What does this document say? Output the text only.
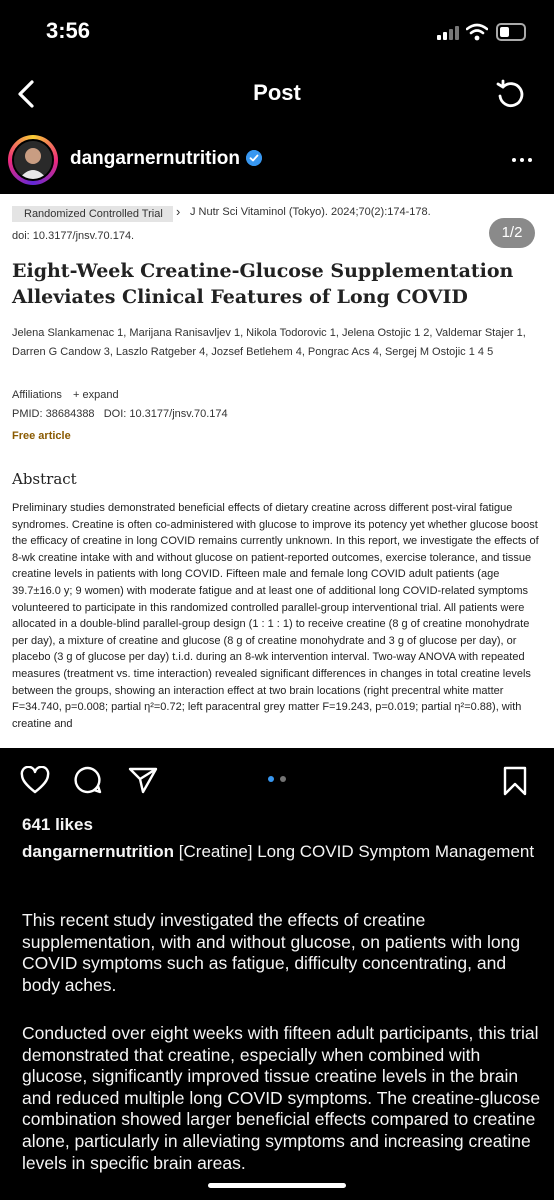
3:56
Post
dangarnernutrition
Randomized Controlled Trial	› J Nutr Sci Vitaminol (Tokyo). 2024;70(2):174-178.
doi: 10.3177/jnsv.70.174.	1/2
Eight-Week Creatine-Glucose Supplementation Alleviates Clinical Features of Long COVID
Jelena Slankamenac 1, Marijana Ranisavljev 1, Nikola Todorovic 1, Jelena Ostojic 1 2, Valdemar Stajer 1, Darren G Candow 3, Laszlo Ratgeber 4, Jozsef Betlehem 4, Pongrac Acs 4, Sergej M Ostojic 1 4 5
Affiliations + expand
PMID: 38684388   DOI: 10.3177/jnsv.70.174
Free article
Abstract
Preliminary studies demonstrated beneficial effects of dietary creatine across different post-viral fatigue syndromes. Creatine is often co-administered with glucose to improve its potency yet whether glucose boost the efficacy of creatine in long COVID remains currently unknown. In this report, we investigate the effects of 8-wk creatine intake with and without glucose on patient-reported outcomes, exercise tolerance, and tissue creatine levels in patients with long COVID. Fifteen male and female long COVID adult patients (age 39.7±16.0 y; 9 women) with moderate fatigue and at least one of additional long COVID-related symptoms volunteered to participate in this randomized controlled parallel-group interventional trial. All patients were allocated in a double-blind parallel-group design (1 : 1 : 1) to receive creatine (8 g of creatine monohydrate per day), a mixture of creatine and glucose (8 g of creatine monohydrate and 3 g of glucose per day), or placebo (3 g of glucose per day) t.i.d. during an 8-wk intervention interval. Two-way ANOVA with repeated measures (treatment vs. time interaction) revealed significant differences in changes in total creatine levels between the groups, showing an interaction effect at two brain locations (right precentral white matter F=34.740, p=0.008; partial η²=0.72; left paracentral grey matter F=19.243, p=0.019; partial η²=0.88), with creatine and
641 likes
dangarnernutrition [Creatine] Long COVID Symptom Management
This recent study investigated the effects of creatine supplementation, with and without glucose, on patients with long COVID symptoms such as fatigue, difficulty concentrating, and body aches.
Conducted over eight weeks with fifteen adult participants, this trial demonstrated that creatine, especially when combined with glucose, significantly improved tissue creatine levels in the brain and reduced multiple long COVID symptoms. The creatine-glucose combination showed larger beneficial effects compared to creatine alone, particularly in alleviating symptoms and increasing creatine levels in specific brain areas.
